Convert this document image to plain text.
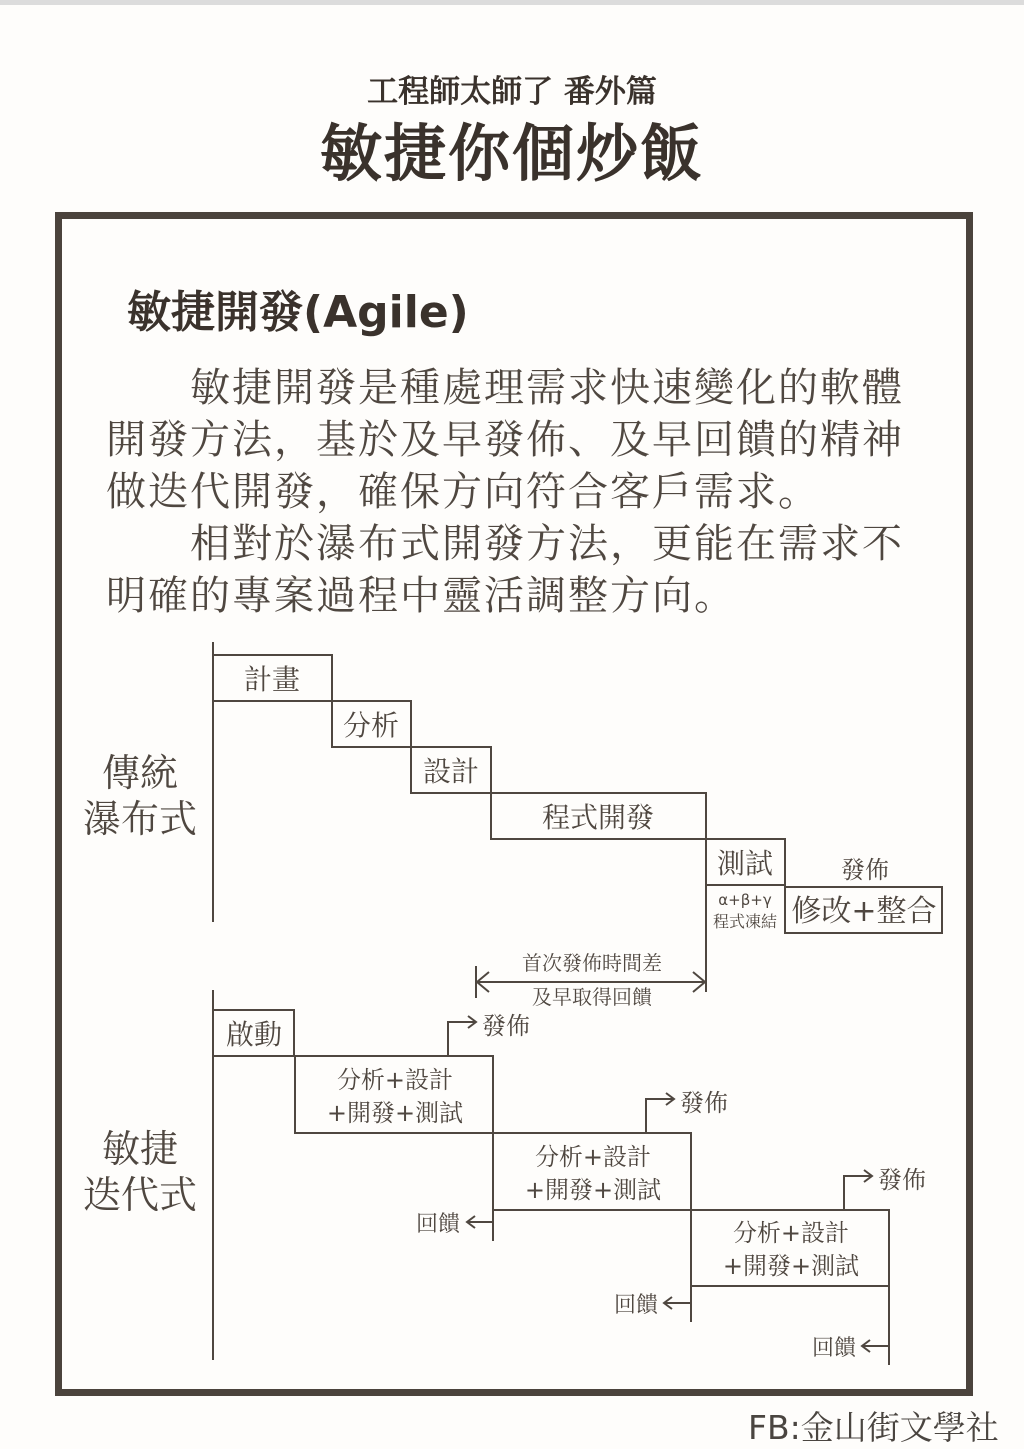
工程師太師了 番外篇
敏捷你個炒飯
敏捷開發(Agile)
　　敏捷開發是種處理需求快速變化的軟體
開發方法，基於及早發佈、及早回饋的精神
做迭代開發，確保方向符合客戶需求。
　　相對於瀑布式開發方法，更能在需求不
明確的專案過程中靈活調整方向。
傳統
瀑布式
計畫
分析
設計
程式開發
測試
α+β+γ
程式凍結
發佈
修改+整合
首次發佈時間差
及早取得回饋
敏捷
迭代式
啟動
分析+設計
+開發+測試
分析+設計
+開發+測試
分析+設計
+開發+測試
發佈
發佈
發佈
回饋
回饋
回饋
FB:金山街文學社
